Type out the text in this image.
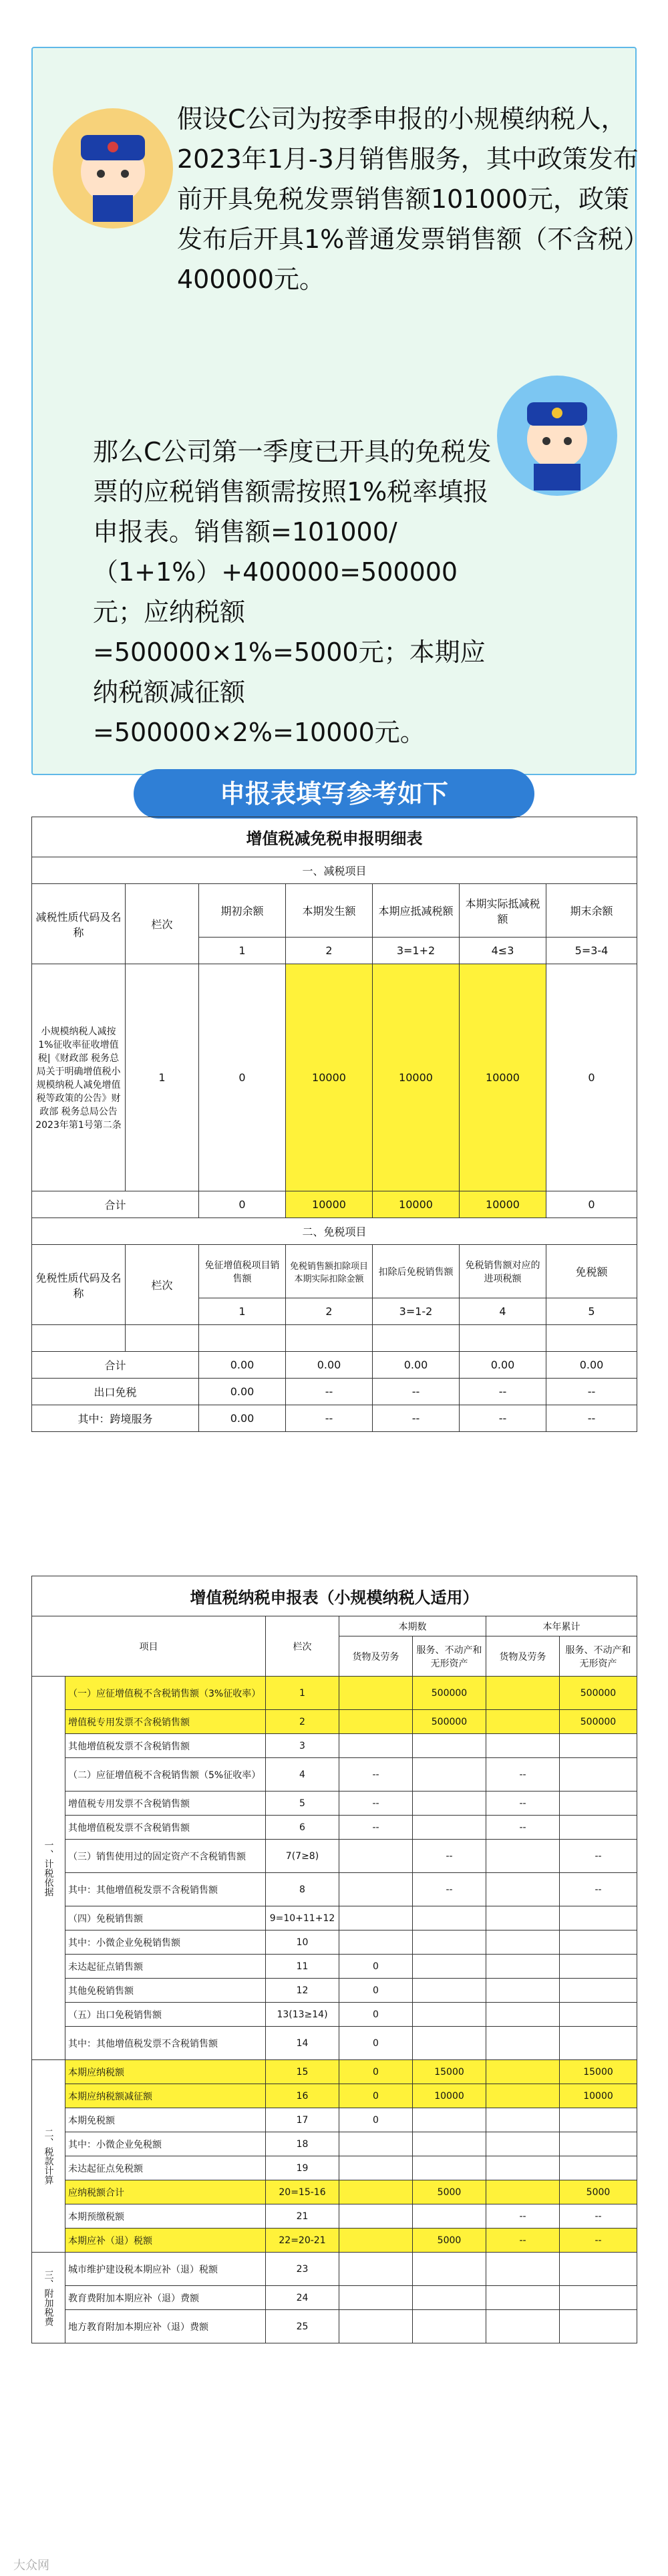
假设C公司为按季申报的小规模纳税人，2023年1月-3月销售服务，其中政策发布前开具免税发票销售额101000元，政策发布后开具1%普通发票销售额（不含税）400000元。
那么C公司第一季度已开具的免税发票的应税销售额需按照1%税率填报申报表。销售额=101000/（1+1%）+400000=500000元；应纳税额=500000×1%=5000元；本期应纳税额减征额=500000×2%=10000元。
申报表填写参考如下
增值税减免税申报明细表						
一、减税项目						
减税性质代码及名称	栏次	期初余额	本期发生额	本期应抵减税额	本期实际抵减税额	期末余额
		1	2	3=1+2	4≤3	5=3-4
小规模纳税人减按1%征收率征收增值税|《财政部 税务总局关于明确增值税小规模纳税人减免增值税等政策的公告》财政部 税务总局公告2023年第1号第二条	1	0	10000	10000	10000	0
合计		0	10000	10000	10000	0
二、免税项目						
免税性质代码及名称	栏次	免征增值税项目销售额	免税销售额扣除项目本期实际扣除金额	扣除后免税销售额	免税销售额对应的进项税额	免税额
		1	2	3=1-2	4	5

合计		0.00	0.00	0.00	0.00	0.00
出口免税		0.00	--	--	--	--
其中：跨境服务		0.00	--	--	--	--
增值税纳税申报表（小规模纳税人适用）						
项目		栏次	本期数		本年累计	
			货物及劳务	服务、不动产和无形资产	货物及劳务	服务、不动产和无形资产
一、计税依据	（一）应征增值税不含税销售额（3%征收率）	1		500000		500000
	增值税专用发票不含税销售额	2		500000		500000
	其他增值税发票不含税销售额	3				
	（二）应征增值税不含税销售额（5%征收率）	4	--		--	
	增值税专用发票不含税销售额	5	--		--	
	其他增值税发票不含税销售额	6	--		--	
	（三）销售使用过的固定资产不含税销售额	7(7≥8)		--		--
	其中：其他增值税发票不含税销售额	8		--		--
	（四）免税销售额	9=10+11+12				
	其中：小微企业免税销售额	10				
	未达起征点销售额	11	0			
	其他免税销售额	12	0			
	（五）出口免税销售额	13(13≥14)	0			
	其中：其他增值税发票不含税销售额	14	0			
二、税款计算	本期应纳税额	15	0	15000		15000
	本期应纳税额减征额	16	0	10000		10000
	本期免税额	17	0			
	其中：小微企业免税额	18				
	未达起征点免税额	19				
	应纳税额合计	20=15-16		5000		5000
	本期预缴税额	21			--	--
	本期应补（退）税额	22=20-21		5000	--	--
三、附加税费	城市维护建设税本期应补（退）税额	23				
	教育费附加本期应补（退）费额	24				
	地方教育附加本期应补（退）费额	25				
大众网
